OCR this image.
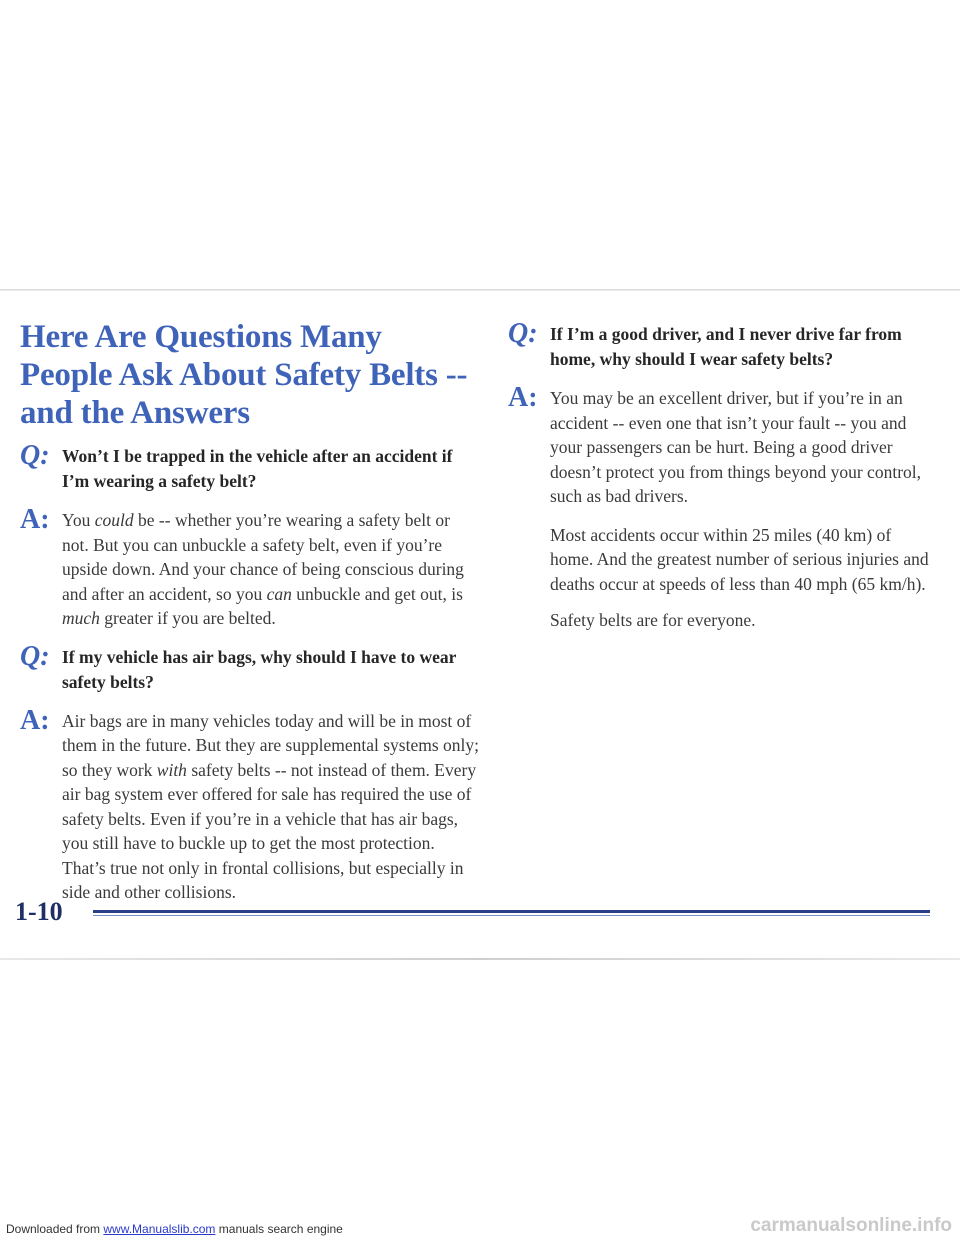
Here Are Questions Many People Ask About Safety Belts -- and the Answers
Q: Won’t I be trapped in the vehicle after an accident if I’m wearing a safety belt?
A: You could be -- whether you’re wearing a safety belt or not. But you can unbuckle a safety belt, even if you’re upside down. And your chance of being conscious during and after an accident, so you can unbuckle and get out, is much greater if you are belted.
Q: If my vehicle has air bags, why should I have to wear safety belts?
A: Air bags are in many vehicles today and will be in most of them in the future. But they are supplemental systems only; so they work with safety belts -- not instead of them. Every air bag system ever offered for sale has required the use of safety belts. Even if you’re in a vehicle that has air bags, you still have to buckle up to get the most protection. That’s true not only in frontal collisions, but especially in side and other collisions.
Q: If I’m a good driver, and I never drive far from home, why should I wear safety belts?
A: You may be an excellent driver, but if you’re in an accident -- even one that isn’t your fault -- you and your passengers can be hurt. Being a good driver doesn’t protect you from things beyond your control, such as bad drivers.
Most accidents occur within 25 miles (40 km) of home. And the greatest number of serious injuries and deaths occur at speeds of less than 40 mph (65 km/h).
Safety belts are for everyone.
1-10
Downloaded from www.Manualslib.com manuals search engine	carmanualsonline.info
